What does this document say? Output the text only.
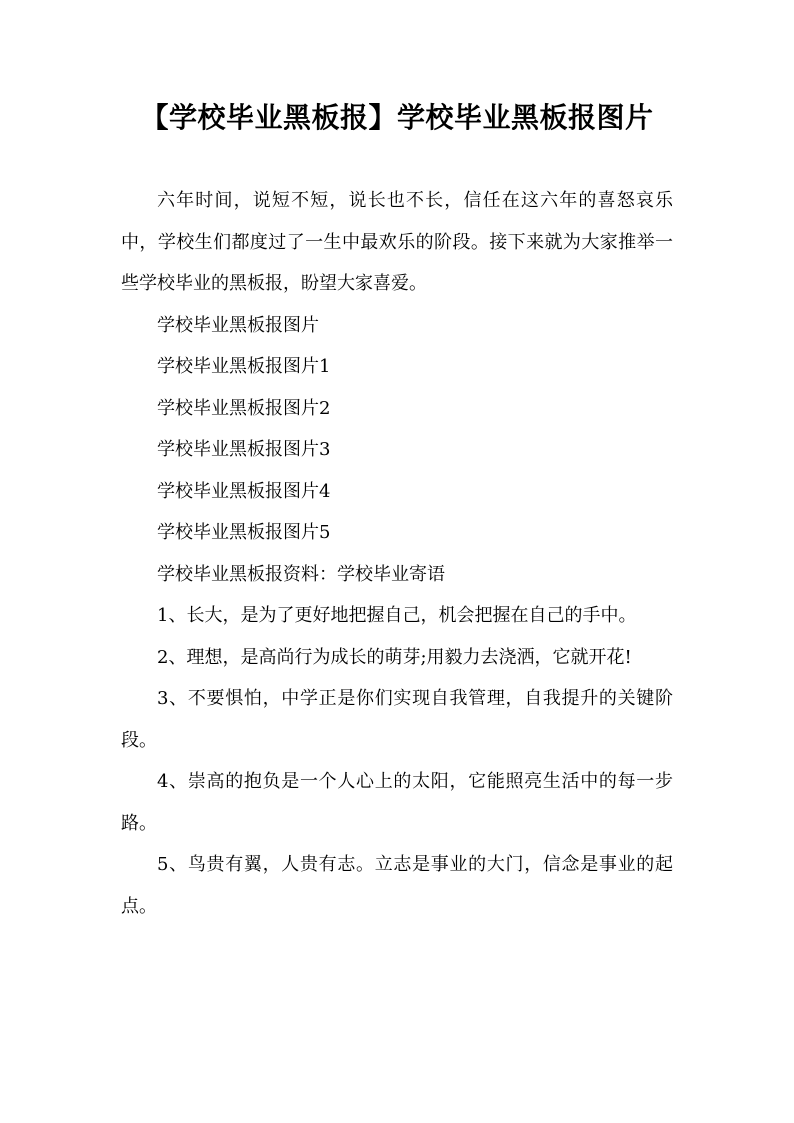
【学校毕业黑板报】学校毕业黑板报图片

六年时间，说短不短，说长也不长，信任在这六年的喜怒哀乐中，学校生们都度过了一生中最欢乐的阶段。接下来就为大家推举一些学校毕业的黑板报，盼望大家喜爱。

学校毕业黑板报图片

学校毕业黑板报图片1

学校毕业黑板报图片2

学校毕业黑板报图片3

学校毕业黑板报图片4

学校毕业黑板报图片5

学校毕业黑板报资料：学校毕业寄语

1、长大，是为了更好地把握自己，机会把握在自己的手中。

2、理想，是高尚行为成长的萌芽;用毅力去浇洒，它就开花!

3、不要惧怕，中学正是你们实现自我管理，自我提升的关键阶段。

4、崇高的抱负是一个人心上的太阳，它能照亮生活中的每一步路。

5、鸟贵有翼，人贵有志。立志是事业的大门，信念是事业的起点。
